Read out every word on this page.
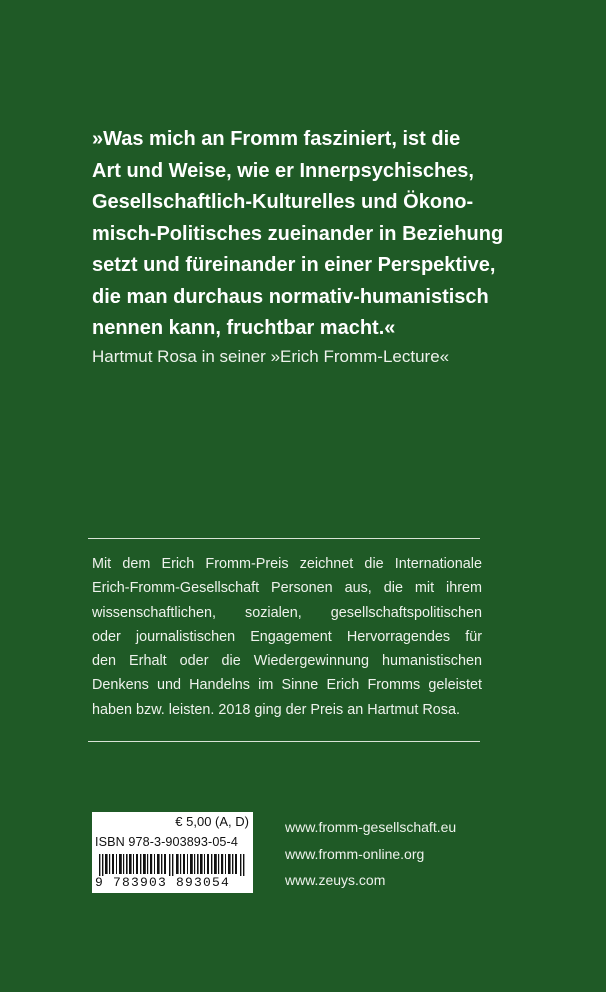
»Was mich an Fromm fasziniert, ist die
Art und Weise, wie er Innerpsychisches,
Gesellschaftlich-Kulturelles und Ökono-
misch-Politisches zueinander in Beziehung
setzt und füreinander in einer Perspektive,
die man durchaus normativ-humanistisch
nennen kann, fruchtbar macht.«
Hartmut Rosa in seiner »Erich Fromm-Lecture«
Mit dem Erich Fromm-Preis zeichnet die Internationale
Erich-Fromm-Gesellschaft Personen aus, die mit ihrem
wissenschaftlichen, sozialen, gesellschaftspolitischen
oder journalistischen Engagement Hervorragendes für
den Erhalt oder die Wiedergewinnung humanistischen
Denkens und Handelns im Sinne Erich Fromms geleistet
haben bzw. leisten. 2018 ging der Preis an Hartmut Rosa.
€ 5,00 (A, D)
ISBN 978-3-903893-05-4
9 783903 893054
www.fromm-gesellschaft.eu
www.fromm-online.org
www.zeuys.com
